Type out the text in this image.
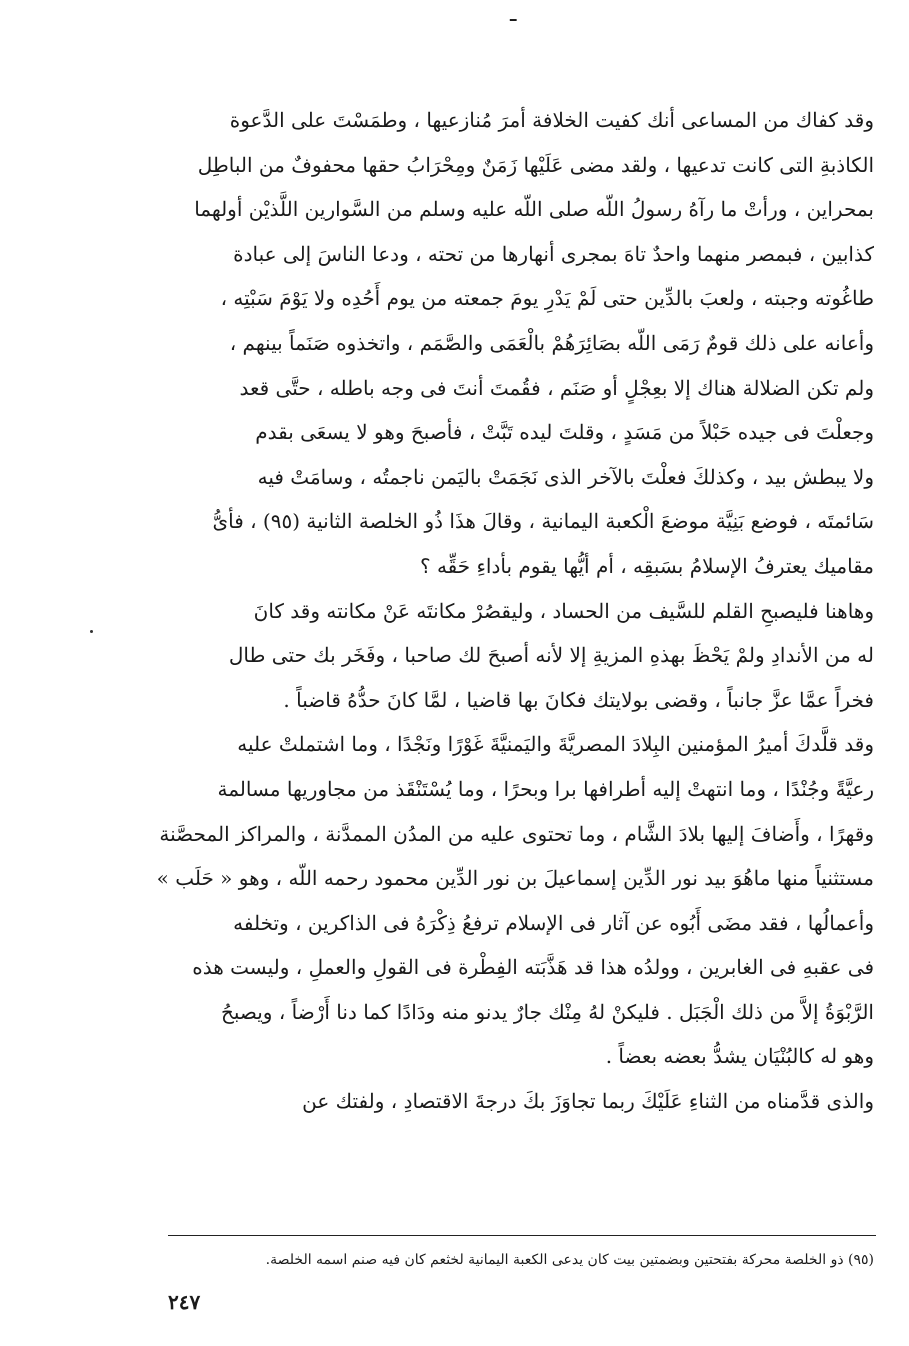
ـ
وقد كفاك من المساعى أنك كفيت الخلافة أمرَ مُنازعيها ، وطمَسْتَ على الدَّعوة
الكاذبةِ التى كانت تدعيها ، ولقد مضى عَلَيْها زَمَنٌ ومِحْرَابُ حقها محفوفٌ من الباطِل
بمحراين ، ورأتْ ما رآهُ رسولُ اللّه صلى اللّه عليه وسلم من السَّوارين اللَّذيْن أولهما
كذابين ، فبمصر منهما واحدٌ تاهَ بمجرى أنهارها من تحته ، ودعا الناسَ إلى عبادة
طاغُوته وجبته ، ولعبَ بالدِّين حتى لَمْ يَدْرِ يومَ جمعته من يوم أَحُدِه ولا يَوْمَ سَبْتِه ،
وأعانه على ذلك قومٌ رَمَى اللّه بصَائِرَهُمْ بالْعَمَى والصَّمَم ، واتخذوه صَنَماً بينهم ،
ولم تكن الضلالة هناك إلا بعِجْلٍ أو صَنَم ، فقُمتَ أنتَ فى وجه باطله ، حتَّى قعد
وجعلْتَ فى جيده حَبْلاً من مَسَدٍ ، وقلتَ ليده تَبَّتْ ، فأصبحَ وهو لا يسعَى بقدم
ولا يبطش بيد ، وكذلكَ فعلْتَ بالآخر الذى نَجَمَتْ باليَمن ناجمتُه ، وسامَتْ فيه
سَائمتَه ، فوضع بَنِيَّة موضعَ الْكعبة اليمانية ، وقالَ هذَا ذُو الخلصة الثانية (٩٥) ، فأىُّ
مقاميك يعترفُ الإسلامُ بسَبقِه ، أم أيُّها يقوم بأداءِ حَقِّه ؟
وهاهنا فليصبحِ القلم للسَّيف من الحساد ، وليقصُرْ مكانتَه عَنْ مكانته وقد كانَ
له من الأندادِ ولمْ يَحْظَ بهذهِ المزيةِ إلا لأنه أصبحَ لك صاحبا ، وفَخَر بك حتى طال
فخراً عمَّا عزَّ جانباً ، وقضى بولايتك فكانَ بها قاضيا ، لمَّا كانَ حدُّهُ قاضباً .
وقد قلَّدكَ أميرُ المؤمنين البِلادَ المصريَّةَ واليَمنيَّةَ غَوْرًا ونَجْدًا ، وما اشتملتْ عليه
رعيَّةً وجُنْدًا ، وما انتهتْ إليه أطرافها برا وبحرًا ، وما يُسْتَنْقَذ من مجاوريها مسالمة
وقهرًا ، وأَضافَ إليها بلادَ الشَّام ، وما تحتوى عليه من المدُن الممدَّنة ، والمراكز المحصَّنة
مستثنياً منها ماهُوَ بيد نور الدِّين إسماعيلَ بن نور الدِّين محمود رحمه اللّه ، وهو « حَلَب »
وأعمالُها ، فقد مضَى أَبُوه عن آثار فى الإسلام ترفعُ ذِكْرَهُ فى الذاكرين ، وتخلفه
فى عقبهِ فى الغابرين ، وولدُه هذا قد هَذَّبَته الفِطْرة فى القولِ والعملِ ، وليست هذه
الرَّبْوَةُ إلاَّ من ذلك الْجَبَل . فليكنْ لهُ مِنْك جارٌ يدنو منه ودَادًا كما دنا أَرْضاً ، ويصبحُ
وهو له كالبُنْيَان يشدُّ بعضه بعضاً .
والذى قدَّمناه من الثناءِ عَلَيْكَ ربما تجاوَزَ بكَ درجةَ الاقتصادِ ، ولفتك عن
(٩٥) ذو الخلصة محركة بفتحتين وبضمتين بيت كان يدعى الكعبة اليمانية لخثعم كان فيه صنم اسمه الخلصة.
٢٤٧
